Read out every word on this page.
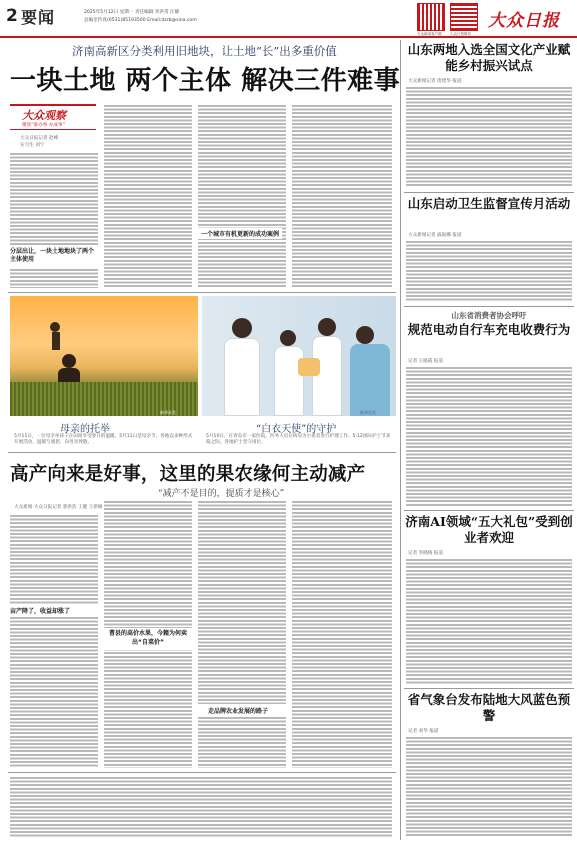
2 要闻	2025年5月12日 星期一 责任编辑 李洪常 汪静
总编室传真(0531)85193500 Email:dzrb@sina.com
大众新闻客户端 大众日报微信
大众日报
济南高新区分类利用旧地块，让土地“长”出多重价值
一块土地 两个主体 解决三件难事
大众观察
聚焦“谁办事 办成事”
大众日报记者 赵峰
实习生 刘宁
分层出让，一块土地地块了两个主体使用
一个城市有机更新的成功案例
新华社发	新华社发
母亲的托举
5月11日，一位母亲举孩子在田间享受春日的温暖。5月11日是母亲节，各地以多种形式开展活动，温暖与感恩，向母亲致敬。
“白衣天使”的守护
5月10日，在青岛市一家医院，医务人员在病房为小患者进行护理工作。5·12国际护士节来临之际，各地护士坚守岗位。
高产向来是好事，这里的果农缘何主动减产
“减产不是目的，提质才是核心”
大众新闻·大众日报记者 郭洪浩 王健 王新刚
亩产降了，收益却涨了
曹县的高价水果，今籍为何卖出“自菜价”
走品牌农业发展的路子
山东两地入选全国文化产业赋能乡村振兴试点
大众新闻记者 唐建华 报道
山东启动卫生监督宣传月活动
大众新闻记者 戚振娜 报道
山东省消费者协会呼吁
规范电动自行车充电收费行为
记者 王晓霞 报道
济南AI领域“五大礼包”受到创业者欢迎
记者 李晓梅 报道
省气象台发布陆地大风蓝色预警
记者 刘华 报道
